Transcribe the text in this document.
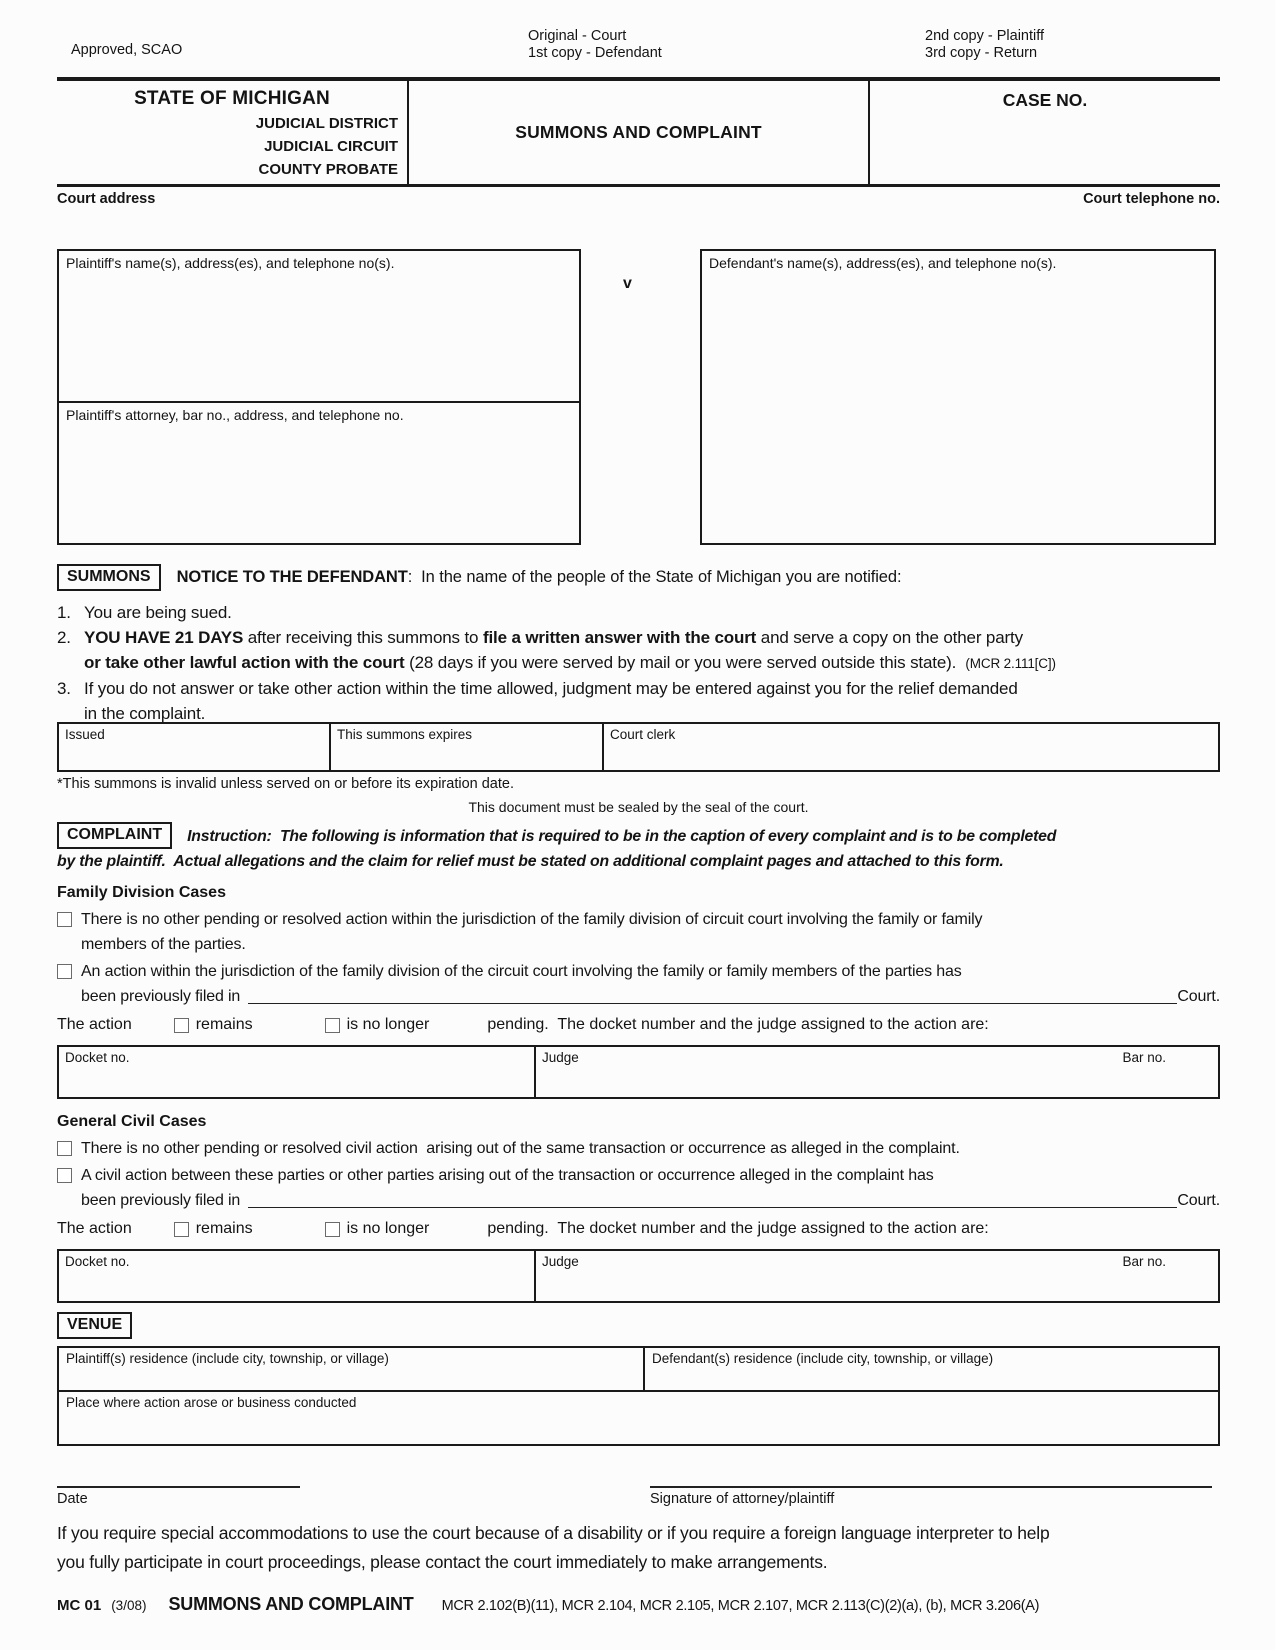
Approved, SCAO
Original - Court
1st copy - Defendant
2nd copy - Plaintiff
3rd copy - Return
STATE OF MICHIGAN
JUDICIAL DISTRICT
JUDICIAL CIRCUIT
COUNTY PROBATE
SUMMONS AND COMPLAINT
CASE NO.
Court address	Court telephone no.
Plaintiff's name(s), address(es), and telephone no(s).
Plaintiff's attorney, bar no., address, and telephone no.
v
Defendant's name(s), address(es), and telephone no(s).
SUMMONS	NOTICE TO THE DEFENDANT:  In the name of the people of the State of Michigan you are notified:
1. You are being sued.
2. YOU HAVE 21 DAYS after receiving this summons to file a written answer with the court and serve a copy on the other party
or take other lawful action with the court (28 days if you were served by mail or you were served outside this state).  (MCR 2.111[C])
3. If you do not answer or take other action within the time allowed, judgment may be entered against you for the relief demanded
in the complaint.
Issued	This summons expires	Court clerk
*This summons is invalid unless served on or before its expiration date.
This document must be sealed by the seal of the court.
COMPLAINT	Instruction:  The following is information that is required to be in the caption of every complaint and is to be completed
by the plaintiff.  Actual allegations and the claim for relief must be stated on additional complaint pages and attached to this form.
Family Division Cases
There is no other pending or resolved action within the jurisdiction of the family division of circuit court involving the family or family
members of the parties.
An action within the jurisdiction of the family division of the circuit court involving the family or family members of the parties has
been previously filed in	Court.
The action	remains	is no longer	pending.  The docket number and the judge assigned to the action are:
Docket no.	Judge	Bar no.
General Civil Cases
There is no other pending or resolved civil action  arising out of the same transaction or occurrence as alleged in the complaint.
A civil action between these parties or other parties arising out of the transaction or occurrence alleged in the complaint has
been previously filed in	Court.
The action	remains	is no longer	pending.  The docket number and the judge assigned to the action are:
Docket no.	Judge	Bar no.
VENUE
Plaintiff(s) residence (include city, township, or village)	Defendant(s) residence (include city, township, or village)
Place where action arose or business conducted
Date	Signature of attorney/plaintiff
If you require special accommodations to use the court because of a disability or if you require a foreign language interpreter to help
you fully participate in court proceedings, please contact the court immediately to make arrangements.
MC 01 (3/08) SUMMONS AND COMPLAINT MCR 2.102(B)(11), MCR 2.104, MCR 2.105, MCR 2.107, MCR 2.113(C)(2)(a), (b), MCR 3.206(A)
